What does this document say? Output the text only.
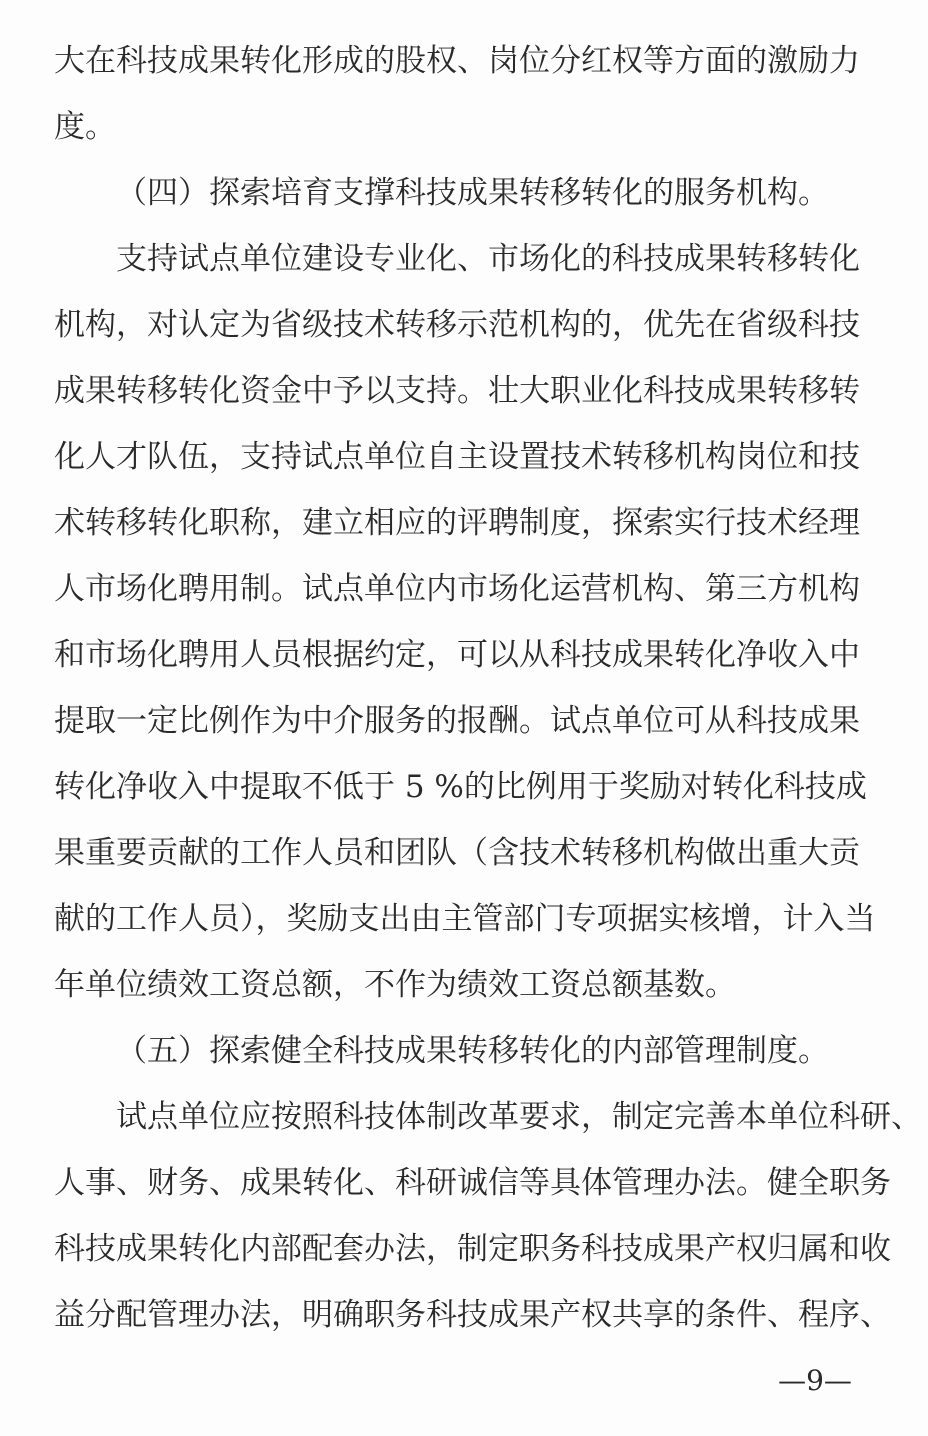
大在科技成果转化形成的股权、岗位分红权等方面的激励力
度。
（四）探索培育支撑科技成果转移转化的服务机构。
支持试点单位建设专业化、市场化的科技成果转移转化
机构，对认定为省级技术转移示范机构的，优先在省级科技
成果转移转化资金中予以支持。壮大职业化科技成果转移转
化人才队伍，支持试点单位自主设置技术转移机构岗位和技
术转移转化职称，建立相应的评聘制度，探索实行技术经理
人市场化聘用制。试点单位内市场化运营机构、第三方机构
和市场化聘用人员根据约定，可以从科技成果转化净收入中
提取一定比例作为中介服务的报酬。试点单位可从科技成果
转化净收入中提取不低于 5 %的比例用于奖励对转化科技成
果重要贡献的工作人员和团队（含技术转移机构做出重大贡
献的工作人员），奖励支出由主管部门专项据实核增，计入当
年单位绩效工资总额，不作为绩效工资总额基数。
（五）探索健全科技成果转移转化的内部管理制度。
试点单位应按照科技体制改革要求，制定完善本单位科研、
人事、财务、成果转化、科研诚信等具体管理办法。健全职务
科技成果转化内部配套办法，制定职务科技成果产权归属和收
益分配管理办法，明确职务科技成果产权共享的条件、程序、
—9—
